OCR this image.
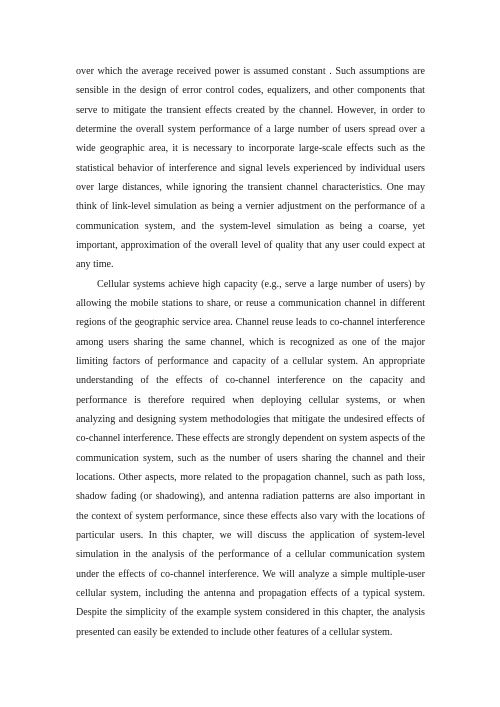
over which the average received power is assumed constant . Such assumptions are sensible in the design of error control codes, equalizers, and other components that serve to mitigate the transient effects created by the channel. However, in order to determine the overall system performance of a large number of users spread over a wide geographic area, it is necessary to incorporate large-scale effects such as the statistical behavior of interference and signal levels experienced by individual users over large distances, while ignoring the transient channel characteristics. One may think of link-level simulation as being a vernier adjustment on the performance of a communication system, and the system-level simulation as being a coarse, yet important, approximation of the overall level of quality that any user could expect at any time.

Cellular systems achieve high capacity (e.g., serve a large number of users) by allowing the mobile stations to share, or reuse a communication channel in different regions of the geographic service area. Channel reuse leads to co-channel interference among users sharing the same channel, which is recognized as one of the major limiting factors of performance and capacity of a cellular system. An appropriate understanding of the effects of co-channel interference on the capacity and performance is therefore required when deploying cellular systems, or when analyzing and designing system methodologies that mitigate the undesired effects of co-channel interference. These effects are strongly dependent on system aspects of the communication system, such as the number of users sharing the channel and their locations. Other aspects, more related to the propagation channel, such as path loss, shadow fading (or shadowing), and antenna radiation patterns are also important in the context of system performance, since these effects also vary with the locations of particular users. In this chapter, we will discuss the application of system-level simulation in the analysis of the performance of a cellular communication system under the effects of co-channel interference. We will analyze a simple multiple-user cellular system, including the antenna and propagation effects of a typical system. Despite the simplicity of the example system considered in this chapter, the analysis presented can easily be extended to include other features of a cellular system.
